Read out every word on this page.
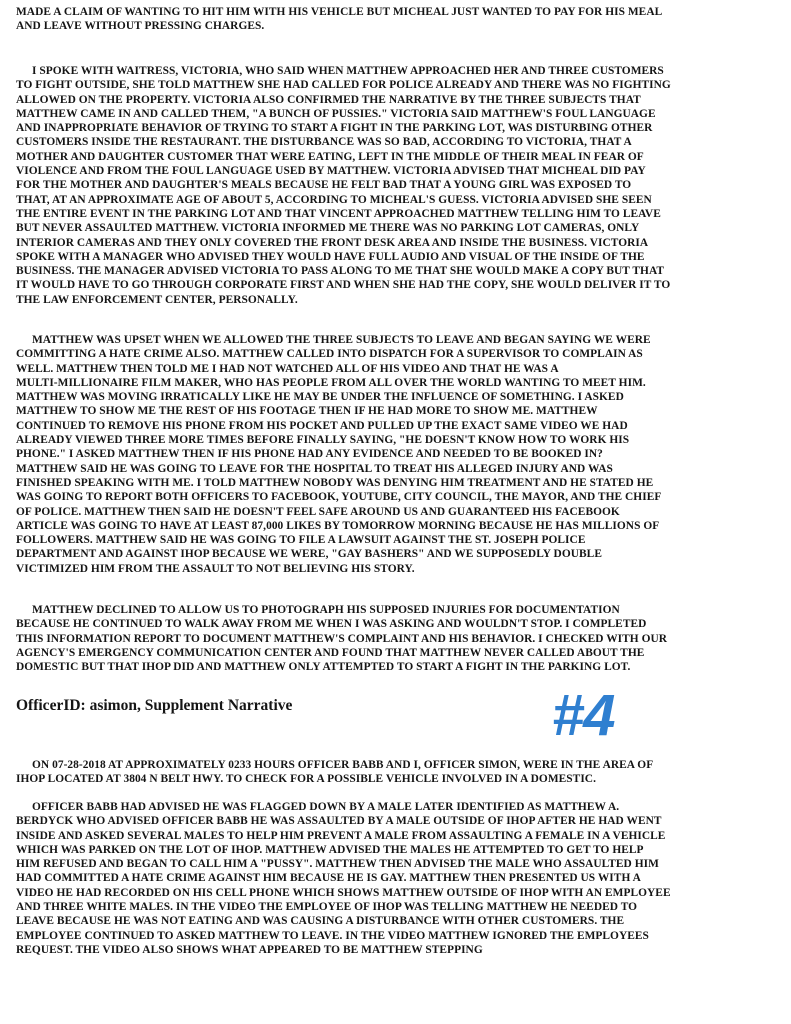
MADE A CLAIM OF WANTING TO HIT HIM WITH HIS VEHICLE BUT MICHEAL JUST WANTED TO PAY FOR HIS MEAL
AND LEAVE WITHOUT PRESSING CHARGES.

I SPOKE WITH WAITRESS, VICTORIA, WHO SAID WHEN MATTHEW APPROACHED HER AND THREE CUSTOMERS
TO FIGHT OUTSIDE, SHE TOLD MATTHEW SHE HAD CALLED FOR POLICE ALREADY AND THERE WAS NO FIGHTING
ALLOWED ON THE PROPERTY. VICTORIA ALSO CONFIRMED THE NARRATIVE BY THE THREE SUBJECTS THAT
MATTHEW CAME IN AND CALLED THEM, "A BUNCH OF PUSSIES." VICTORIA SAID MATTHEW'S FOUL LANGUAGE
AND INAPPROPRIATE BEHAVIOR OF TRYING TO START A FIGHT IN THE PARKING LOT, WAS DISTURBING OTHER
CUSTOMERS INSIDE THE RESTAURANT. THE DISTURBANCE WAS SO BAD, ACCORDING TO VICTORIA, THAT A
MOTHER AND DAUGHTER CUSTOMER THAT WERE EATING, LEFT IN THE MIDDLE OF THEIR MEAL IN FEAR OF
VIOLENCE AND FROM THE FOUL LANGUAGE USED BY MATTHEW. VICTORIA ADVISED THAT MICHEAL DID PAY
FOR THE MOTHER AND DAUGHTER'S MEALS BECAUSE HE FELT BAD THAT A YOUNG GIRL WAS EXPOSED TO
THAT, AT AN APPROXIMATE AGE OF ABOUT 5, ACCORDING TO MICHEAL'S GUESS. VICTORIA ADVISED SHE SEEN
THE ENTIRE EVENT IN THE PARKING LOT AND THAT VINCENT APPROACHED MATTHEW TELLING HIM TO LEAVE
BUT NEVER ASSAULTED MATTHEW. VICTORIA INFORMED ME THERE WAS NO PARKING LOT CAMERAS, ONLY
INTERIOR CAMERAS AND THEY ONLY COVERED THE FRONT DESK AREA AND INSIDE THE BUSINESS. VICTORIA
SPOKE WITH A MANAGER WHO ADVISED THEY WOULD HAVE FULL AUDIO AND VISUAL OF THE INSIDE OF THE
BUSINESS. THE MANAGER ADVISED VICTORIA TO PASS ALONG TO ME THAT SHE WOULD MAKE A COPY BUT THAT
IT WOULD HAVE TO GO THROUGH CORPORATE FIRST AND WHEN SHE HAD THE COPY, SHE WOULD DELIVER IT TO
THE LAW ENFORCEMENT CENTER, PERSONALLY.

MATTHEW WAS UPSET WHEN WE ALLOWED THE THREE SUBJECTS TO LEAVE AND BEGAN SAYING WE WERE
COMMITTING A HATE CRIME ALSO. MATTHEW CALLED INTO DISPATCH FOR A SUPERVISOR TO COMPLAIN AS
WELL. MATTHEW THEN TOLD ME I HAD NOT WATCHED ALL OF HIS VIDEO AND THAT HE WAS A
MULTI-MILLIONAIRE FILM MAKER, WHO HAS PEOPLE FROM ALL OVER THE WORLD WANTING TO MEET HIM.
MATTHEW WAS MOVING IRRATICALLY LIKE HE MAY BE UNDER THE INFLUENCE OF SOMETHING. I ASKED
MATTHEW TO SHOW ME THE REST OF HIS FOOTAGE THEN IF HE HAD MORE TO SHOW ME. MATTHEW
CONTINUED TO REMOVE HIS PHONE FROM HIS POCKET AND PULLED UP THE EXACT SAME VIDEO WE HAD
ALREADY VIEWED THREE MORE TIMES BEFORE FINALLY SAYING, "HE DOESN'T KNOW HOW TO WORK HIS
PHONE." I ASKED MATTHEW THEN IF HIS PHONE HAD ANY EVIDENCE AND NEEDED TO BE BOOKED IN?
MATTHEW SAID HE WAS GOING TO LEAVE FOR THE HOSPITAL TO TREAT HIS ALLEGED INJURY AND WAS
FINISHED SPEAKING WITH ME. I TOLD MATTHEW NOBODY WAS DENYING HIM TREATMENT AND HE STATED HE
WAS GOING TO REPORT BOTH OFFICERS TO FACEBOOK, YOUTUBE, CITY COUNCIL, THE MAYOR, AND THE CHIEF
OF POLICE. MATTHEW THEN SAID HE DOESN'T FEEL SAFE AROUND US AND GUARANTEED HIS FACEBOOK
ARTICLE WAS GOING TO HAVE AT LEAST 87,000 LIKES BY TOMORROW MORNING BECAUSE HE HAS MILLIONS OF
FOLLOWERS. MATTHEW SAID HE WAS GOING TO FILE A LAWSUIT AGAINST THE ST. JOSEPH POLICE
DEPARTMENT AND AGAINST IHOP BECAUSE WE WERE, "GAY BASHERS" AND WE SUPPOSEDLY DOUBLE
VICTIMIZED HIM FROM THE ASSAULT TO NOT BELIEVING HIS STORY.

MATTHEW DECLINED TO ALLOW US TO PHOTOGRAPH HIS SUPPOSED INJURIES FOR DOCUMENTATION
BECAUSE HE CONTINUED TO WALK AWAY FROM ME WHEN I WAS ASKING AND WOULDN'T STOP. I COMPLETED
THIS INFORMATION REPORT TO DOCUMENT MATTHEW'S COMPLAINT AND HIS BEHAVIOR. I CHECKED WITH OUR
AGENCY'S EMERGENCY COMMUNICATION CENTER AND FOUND THAT MATTHEW NEVER CALLED ABOUT THE
DOMESTIC BUT THAT IHOP DID AND MATTHEW ONLY ATTEMPTED TO START A FIGHT IN THE PARKING LOT.

OfficerID: asimon, Supplement Narrative	#4

ON 07-28-2018 AT APPROXIMATELY 0233 HOURS OFFICER BABB AND I, OFFICER SIMON, WERE IN THE AREA OF
IHOP LOCATED AT 3804 N BELT HWY. TO CHECK FOR A POSSIBLE VEHICLE INVOLVED IN A DOMESTIC.

OFFICER BABB HAD ADVISED HE WAS FLAGGED DOWN BY A MALE LATER IDENTIFIED AS MATTHEW A.
BERDYCK WHO ADVISED OFFICER BABB HE WAS ASSAULTED BY A MALE OUTSIDE OF IHOP AFTER HE HAD WENT
INSIDE AND ASKED SEVERAL MALES TO HELP HIM PREVENT A MALE FROM ASSAULTING A FEMALE IN A VEHICLE
WHICH WAS PARKED ON THE LOT OF IHOP. MATTHEW ADVISED THE MALES HE ATTEMPTED TO GET TO HELP
HIM REFUSED AND BEGAN TO CALL HIM A "PUSSY". MATTHEW THEN ADVISED THE MALE WHO ASSAULTED HIM
HAD COMMITTED A HATE CRIME AGAINST HIM BECAUSE HE IS GAY. MATTHEW THEN PRESENTED US WITH A
VIDEO HE HAD RECORDED ON HIS CELL PHONE WHICH SHOWS MATTHEW OUTSIDE OF IHOP WITH AN EMPLOYEE
AND THREE WHITE MALES. IN THE VIDEO THE EMPLOYEE OF IHOP WAS TELLING MATTHEW HE NEEDED TO
LEAVE BECAUSE HE WAS NOT EATING AND WAS CAUSING A DISTURBANCE WITH OTHER CUSTOMERS. THE
EMPLOYEE CONTINUED TO ASKED MATTHEW TO LEAVE. IN THE VIDEO MATTHEW IGNORED THE EMPLOYEES
REQUEST. THE VIDEO ALSO SHOWS WHAT APPEARED TO BE MATTHEW STEPPING
